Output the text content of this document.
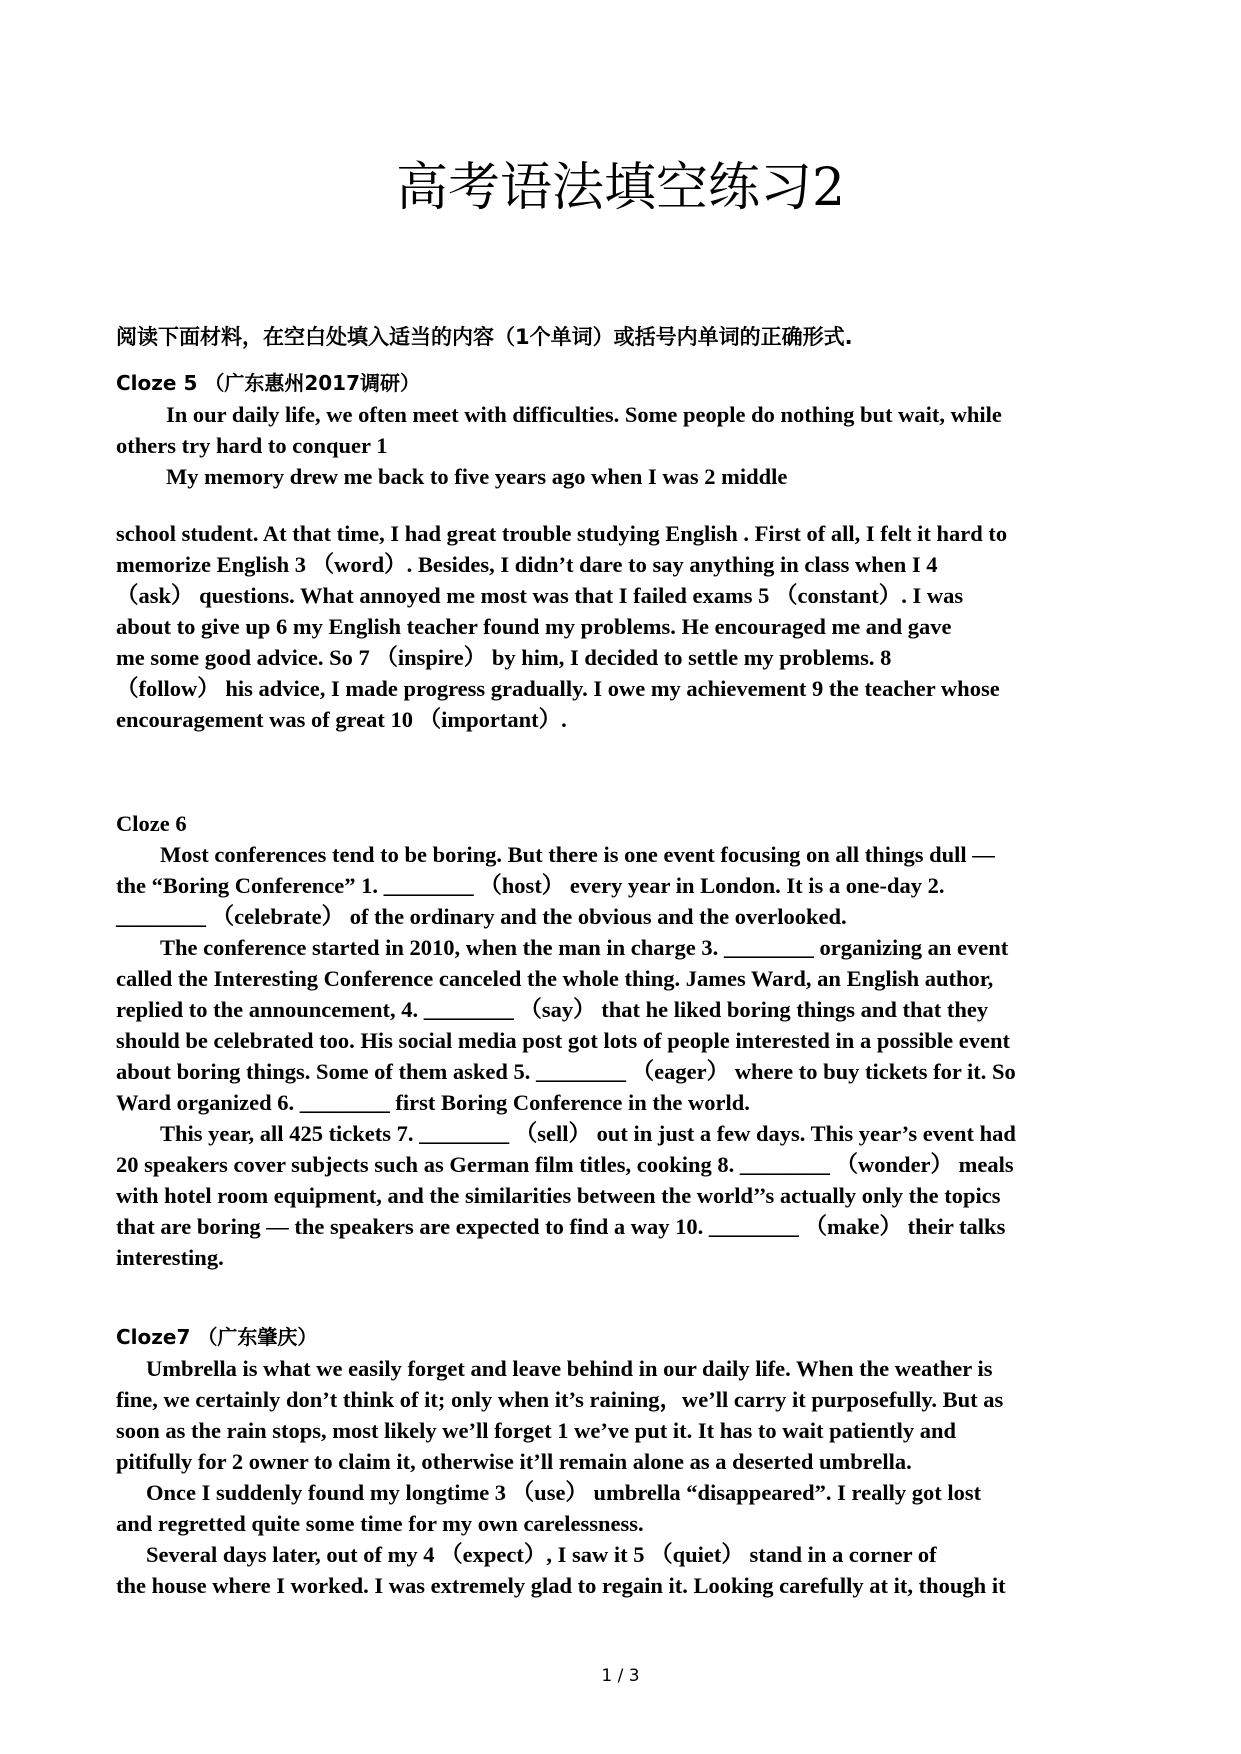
高考语法填空练习2

阅读下面材料，在空白处填入适当的内容（1个单词）或括号内单词的正确形式.

Cloze 5 （广东惠州2017调研）

In our daily life, we often meet with difficulties. Some people do nothing but wait, while

others try hard to conquer 1

My memory drew me back to five years ago when I was 2 middle

school student. At that time, I had great trouble studying English . First of all, I felt it hard to

memorize English 3 （word）. Besides, I didn’t dare to say anything in class when I 4

（ask） questions. What annoyed me most was that I failed exams 5 （constant）. I was

about to give up 6 my English teacher found my problems. He encouraged me and gave

me some good advice. So 7 （inspire） by him, I decided to settle my problems. 8

（follow） his advice, I made progress gradually. I owe my achievement 9 the teacher whose

encouragement was of great 10 （important）.

Cloze 6

Most conferences tend to be boring. But there is one event focusing on all things dull —

the “Boring Conference” 1. ________ （host） every year in London. It is a one-day 2.

________ （celebrate） of the ordinary and the obvious and the overlooked.

The conference started in 2010, when the man in charge 3. ________ organizing an event

called the Interesting Conference canceled the whole thing. James Ward, an English author,

replied to the announcement, 4. ________ （say） that he liked boring things and that they

should be celebrated too. His social media post got lots of people interested in a possible event

about boring things. Some of them asked 5. ________ （eager） where to buy tickets for it. So

Ward organized 6. ________ first Boring Conference in the world.

This year, all 425 tickets 7. ________ （sell） out in just a few days. This year’s event had

20 speakers cover subjects such as German film titles, cooking 8. ________ （wonder） meals

with hotel room equipment, and the similarities between the world’’s actually only the topics

that are boring — the speakers are expected to find a way 10. ________ （make） their talks

interesting.

Cloze7 （广东肇庆）

Umbrella is what we easily forget and leave behind in our daily life. When the weather is

fine, we certainly don’t think of it; only when it’s raining，we’ll carry it purposefully. But as

soon as the rain stops, most likely we’ll forget 1 we’ve put it. It has to wait patiently and

pitifully for 2 owner to claim it, otherwise it’ll remain alone as a deserted umbrella.

Once I suddenly found my longtime 3 （use） umbrella “disappeared”. I really got lost

and regretted quite some time for my own carelessness.

Several days later, out of my 4 （expect）, I saw it 5 （quiet） stand in a corner of

the house where I worked. I was extremely glad to regain it. Looking carefully at it, though it

1 / 3
